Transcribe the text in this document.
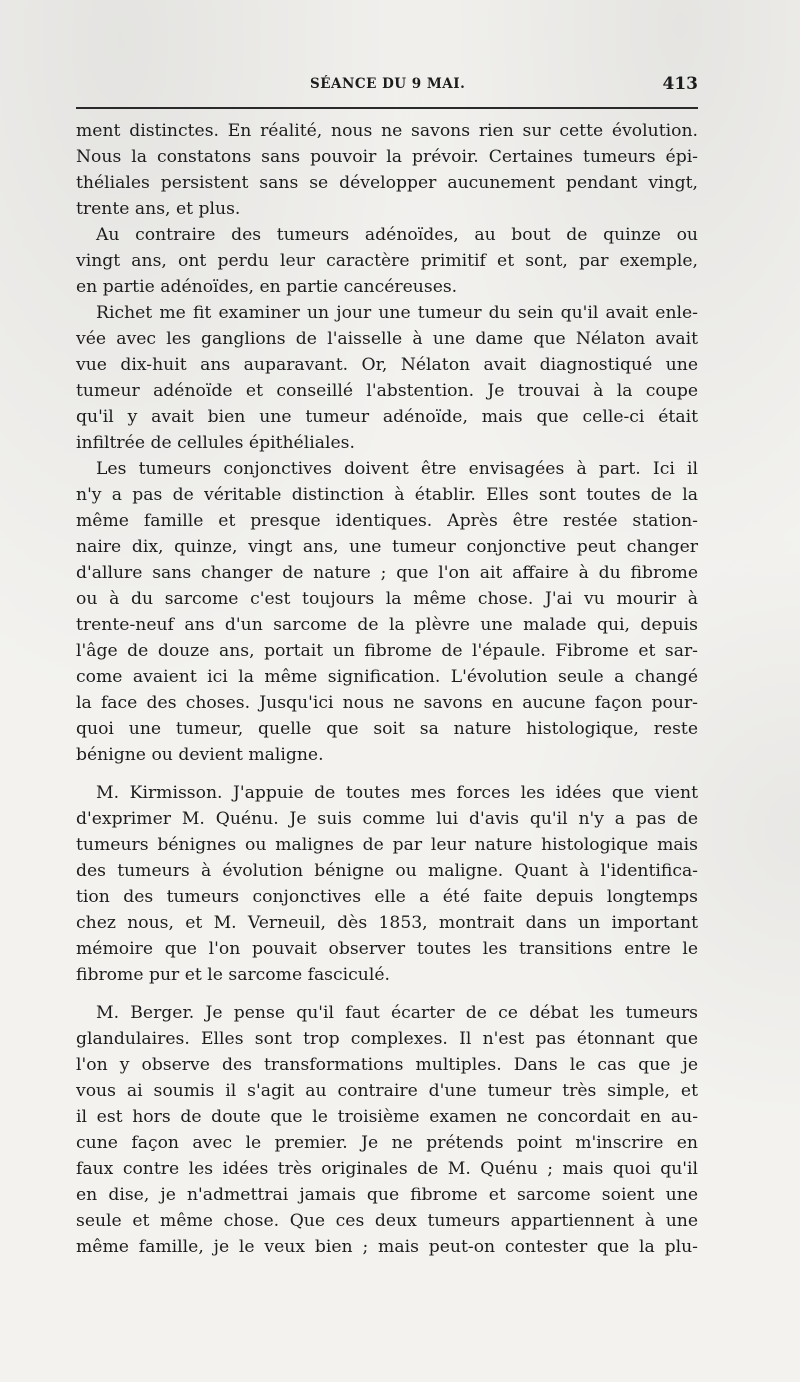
SÉANCE DU 9 MAI.	413
ment distinctes. En réalité, nous ne savons rien sur cette évolution.
Nous la constatons sans pouvoir la prévoir. Certaines tumeurs épi-
théliales persistent sans se développer aucunement pendant vingt,
trente ans, et plus.
Au contraire des tumeurs adénoïdes, au bout de quinze ou
vingt ans, ont perdu leur caractère primitif et sont, par exemple,
en partie adénoïdes, en partie cancéreuses.
Richet me fit examiner un jour une tumeur du sein qu'il avait enle-
vée avec les ganglions de l'aisselle à une dame que Nélaton avait
vue dix-huit ans auparavant. Or, Nélaton avait diagnostiqué une
tumeur adénoïde et conseillé l'abstention. Je trouvai à la coupe
qu'il y avait bien une tumeur adénoïde, mais que celle-ci était
infiltrée de cellules épithéliales.
Les tumeurs conjonctives doivent être envisagées à part. Ici il
n'y a pas de véritable distinction à établir. Elles sont toutes de la
même famille et presque identiques. Après être restée station-
naire dix, quinze, vingt ans, une tumeur conjonctive peut changer
d'allure sans changer de nature ; que l'on ait affaire à du fibrome
ou à du sarcome c'est toujours la même chose. J'ai vu mourir à
trente-neuf ans d'un sarcome de la plèvre une malade qui, depuis
l'âge de douze ans, portait un fibrome de l'épaule. Fibrome et sar-
come avaient ici la même signification. L'évolution seule a changé
la face des choses. Jusqu'ici nous ne savons en aucune façon pour-
quoi une tumeur, quelle que soit sa nature histologique, reste
bénigne ou devient maligne.
M. Kirmisson. J'appuie de toutes mes forces les idées que vient
d'exprimer M. Quénu. Je suis comme lui d'avis qu'il n'y a pas de
tumeurs bénignes ou malignes de par leur nature histologique mais
des tumeurs à évolution bénigne ou maligne. Quant à l'identifica-
tion des tumeurs conjonctives elle a été faite depuis longtemps
chez nous, et M. Verneuil, dès 1853, montrait dans un important
mémoire que l'on pouvait observer toutes les transitions entre le
fibrome pur et le sarcome fasciculé.
M. Berger. Je pense qu'il faut écarter de ce débat les tumeurs
glandulaires. Elles sont trop complexes. Il n'est pas étonnant que
l'on y observe des transformations multiples. Dans le cas que je
vous ai soumis il s'agit au contraire d'une tumeur très simple, et
il est hors de doute que le troisième examen ne concordait en au-
cune façon avec le premier. Je ne prétends point m'inscrire en
faux contre les idées très originales de M. Quénu ; mais quoi qu'il
en dise, je n'admettrai jamais que fibrome et sarcome soient une
seule et même chose. Que ces deux tumeurs appartiennent à une
même famille, je le veux bien ; mais peut-on contester que la plu-
